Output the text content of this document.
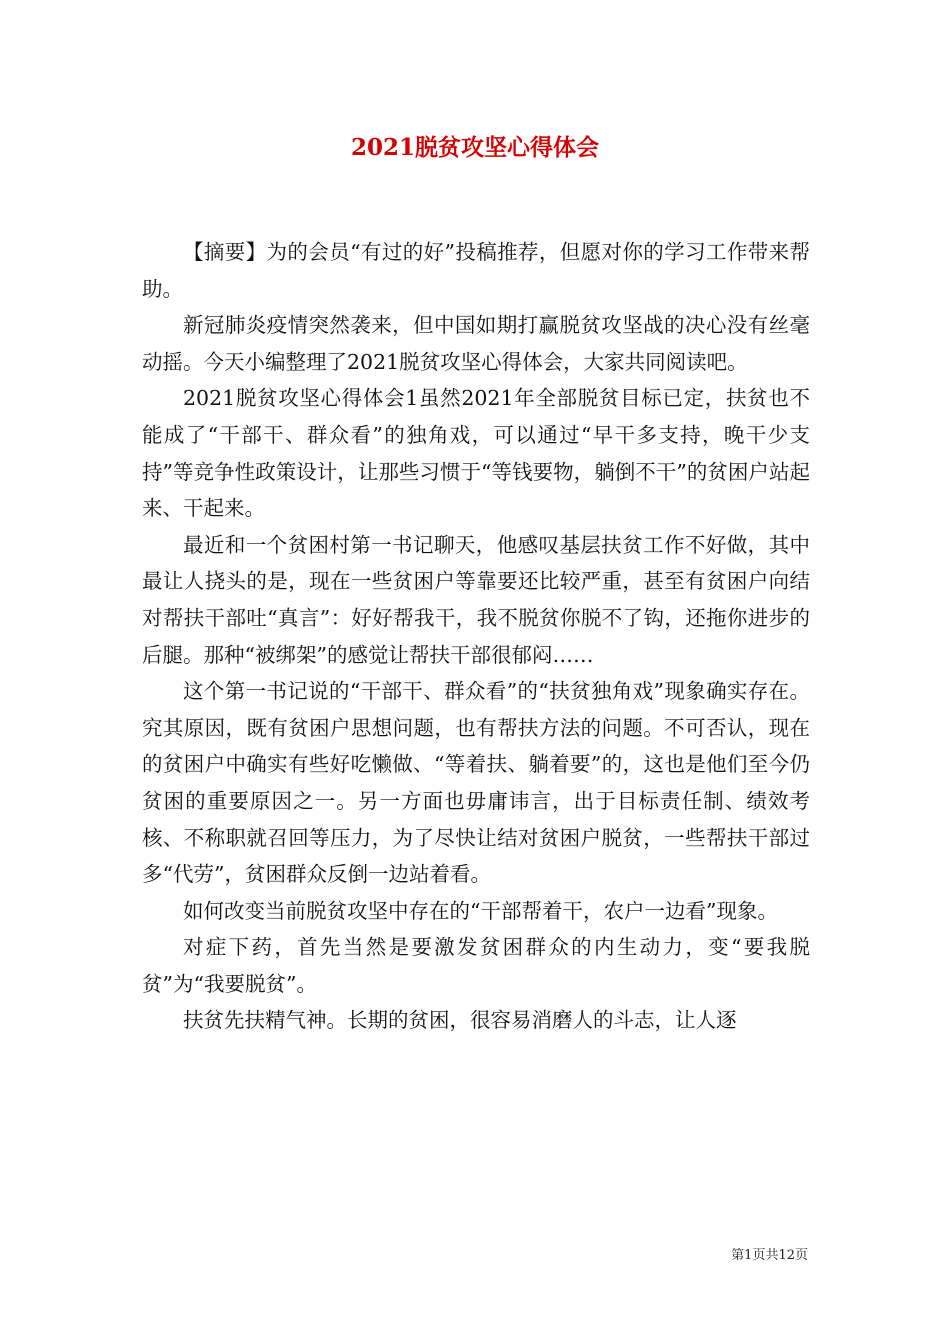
2021脱贫攻坚心得体会

【摘要】为的会员“有过的好”投稿推荐，但愿对你的学习工作带来帮助。

新冠肺炎疫情突然袭来，但中国如期打赢脱贫攻坚战的决心没有丝毫动摇。今天小编整理了2021脱贫攻坚心得体会，大家共同阅读吧。

2021脱贫攻坚心得体会1虽然2021年全部脱贫目标已定，扶贫也不能成了“干部干、群众看”的独角戏，可以通过“早干多支持，晚干少支持”等竞争性政策设计，让那些习惯于“等钱要物，躺倒不干”的贫困户站起来、干起来。

最近和一个贫困村第一书记聊天，他感叹基层扶贫工作不好做，其中最让人挠头的是，现在一些贫困户等靠要还比较严重，甚至有贫困户向结对帮扶干部吐“真言”：好好帮我干，我不脱贫你脱不了钩，还拖你进步的后腿。那种“被绑架”的感觉让帮扶干部很郁闷……

这个第一书记说的“干部干、群众看”的“扶贫独角戏”现象确实存在。究其原因，既有贫困户思想问题，也有帮扶方法的问题。不可否认，现在的贫困户中确实有些好吃懒做、“等着扶、躺着要”的，这也是他们至今仍贫困的重要原因之一。另一方面也毋庸讳言，出于目标责任制、绩效考核、不称职就召回等压力，为了尽快让结对贫困户脱贫，一些帮扶干部过多“代劳”，贫困群众反倒一边站着看。

如何改变当前脱贫攻坚中存在的“干部帮着干，农户一边看”现象。

对症下药，首先当然是要激发贫困群众的内生动力，变“要我脱贫”为“我要脱贫”。

扶贫先扶精气神。长期的贫困，很容易消磨人的斗志，让人逐

第1页共12页
